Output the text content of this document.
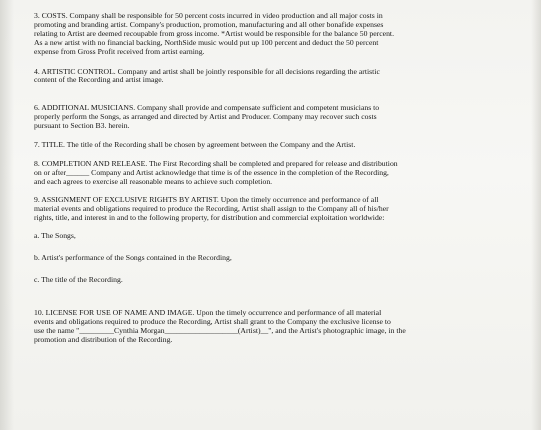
3. COSTS. Company shall be responsible for 50 percent costs incurred in video production and all major costs in
promoting and branding artist. Company's production, promotion, manufacturing and all other bonafide expenses
relating to Artist are deemed recoupable from gross income. *Artist would be responsible for the balance 50 percent.
As a new artist with no financial backing, NorthSide music would put up 100 percent and deduct the 50 percent
expense from Gross Profit received from artist earning.
4. ARTISTIC CONTROL. Company and artist shall be jointly responsible for all decisions regarding the artistic
content of the Recording and artist image.
6. ADDITIONAL MUSICIANS. Company shall provide and compensate sufficient and competent musicians to
properly perform the Songs, as arranged and directed by Artist and Producer. Company may recover such costs
pursuant to Section B3. herein.
7. TITLE. The title of the Recording shall be chosen by agreement between the Company and the Artist.
8. COMPLETION AND RELEASE. The First Recording shall be completed and prepared for release and distribution
on or after______ Company and Artist acknowledge that time is of the essence in the completion of the Recording,
and each agrees to exercise all reasonable means to achieve such completion.
9. ASSIGNMENT OF EXCLUSIVE RIGHTS BY ARTIST. Upon the timely occurrence and performance of all
material events and obligations required to produce the Recording, Artist shall assign to the Company all of his/her
rights, title, and interest in and to the following property, for distribution and commercial exploitation worldwide:
a. The Songs,
b. Artist's performance of the Songs contained in the Recording,
c. The title of the Recording.
10. LICENSE FOR USE OF NAME AND IMAGE. Upon the timely occurrence and performance of all material
events and obligations required to produce the Recording, Artist shall grant to the Company the exclusive license to
use the name "_________Cynthia Morgan___________________(Artist)__", and the Artist's photographic image, in the
promotion and distribution of the Recording.
